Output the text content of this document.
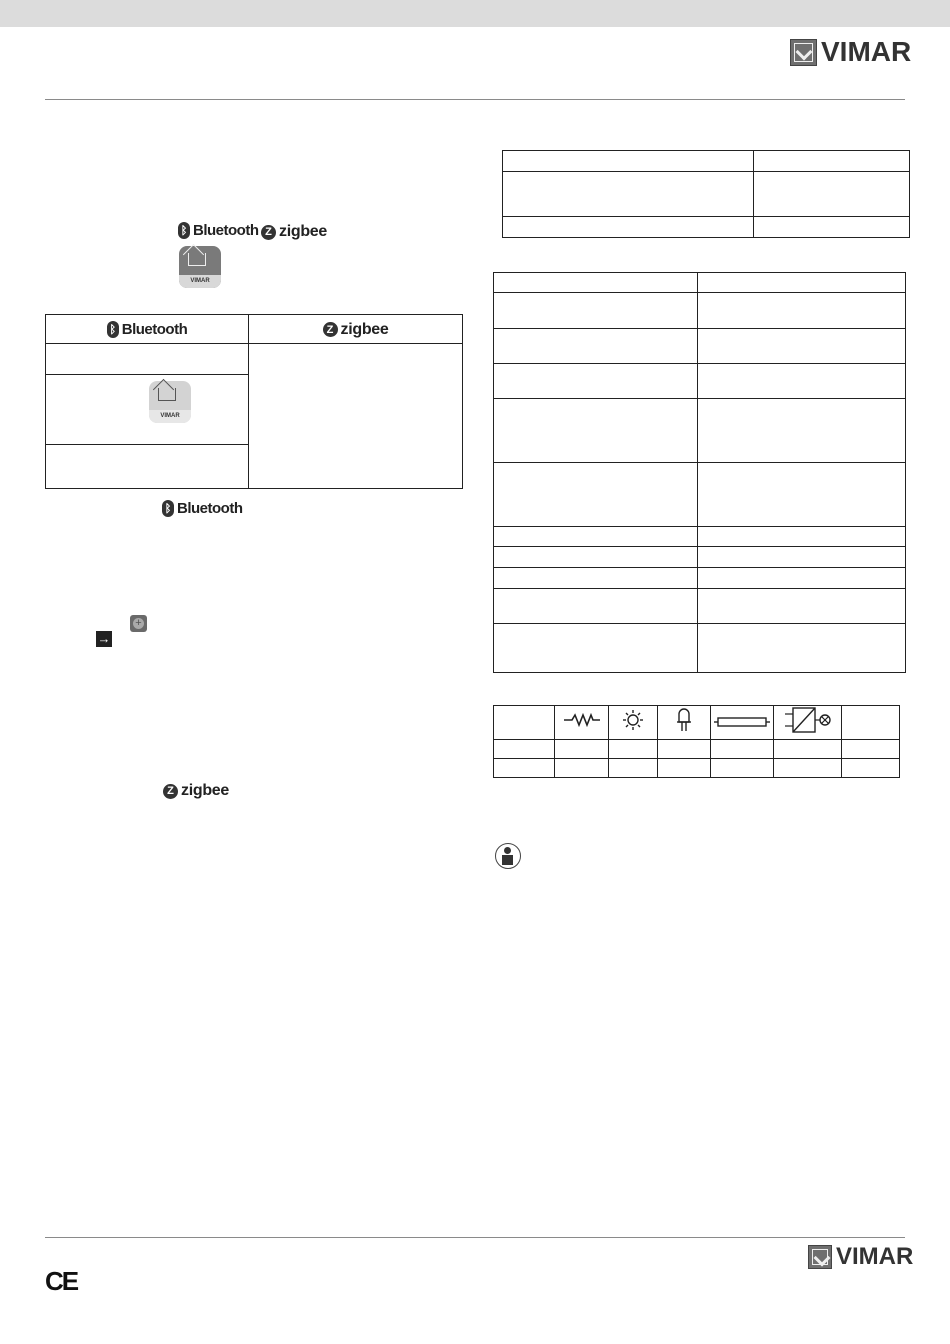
VIMAR
ᛒ Bluetooth Z zigbee
VIMAR
ᛒ Bluetooth	Z zigbee

VIMAR	

ᛒ Bluetooth
+
→
Z zigbee

CE
VIMAR
